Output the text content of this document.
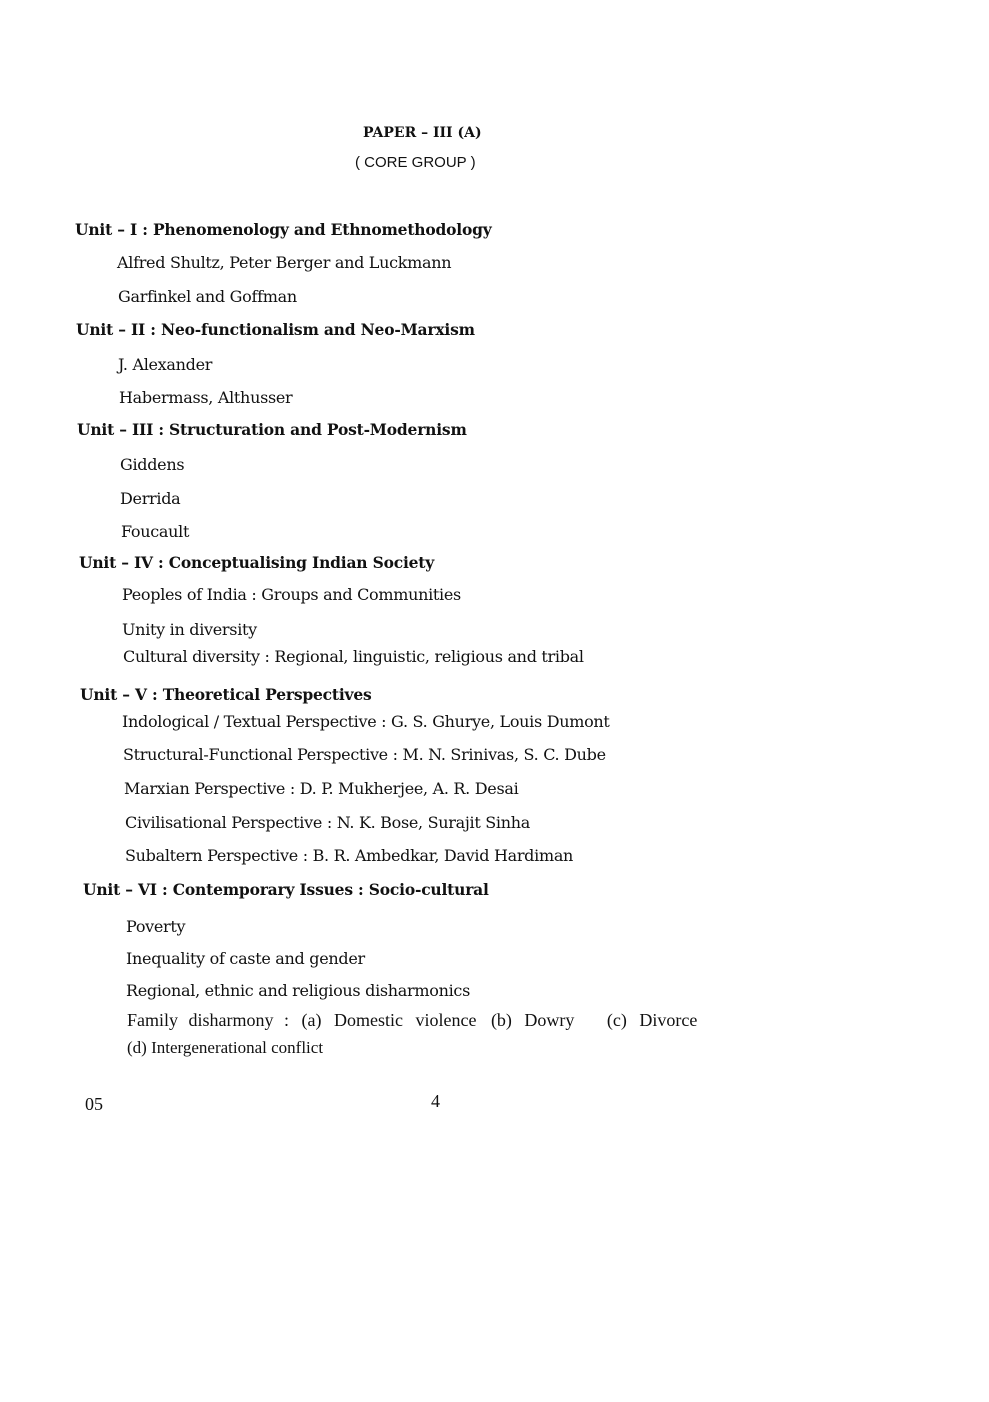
PAPER – III (A)
( CORE GROUP )
Unit – I : Phenomenology and Ethnomethodology
Alfred Shultz, Peter Berger and Luckmann
Garfinkel and Goffman
Unit – II : Neo-functionalism and Neo-Marxism
J. Alexander
Habermass, Althusser
Unit – III : Structuration and Post-Modernism
Giddens
Derrida
Foucault
Unit – IV : Conceptualising Indian Society
Peoples of India : Groups and Communities
Unity in diversity
Cultural diversity : Regional, linguistic, religious and tribal
Unit – V : Theoretical Perspectives
Indological / Textual Perspective : G. S. Ghurye, Louis Dumont
Structural-Functional Perspective : M. N. Srinivas, S. C. Dube
Marxian Perspective : D. P. Mukherjee, A. R. Desai
Civilisational Perspective : N. K. Bose, Surajit Sinha
Subaltern Perspective : B. R. Ambedkar, David Hardiman
Unit – VI : Contemporary Issues : Socio-cultural
Poverty
Inequality of caste and gender
Regional, ethnic and religious disharmonics
Family disharmony : (a) Domestic violence (b) Dowry (c) Divorce
(d) Intergenerational conflict
05	4
